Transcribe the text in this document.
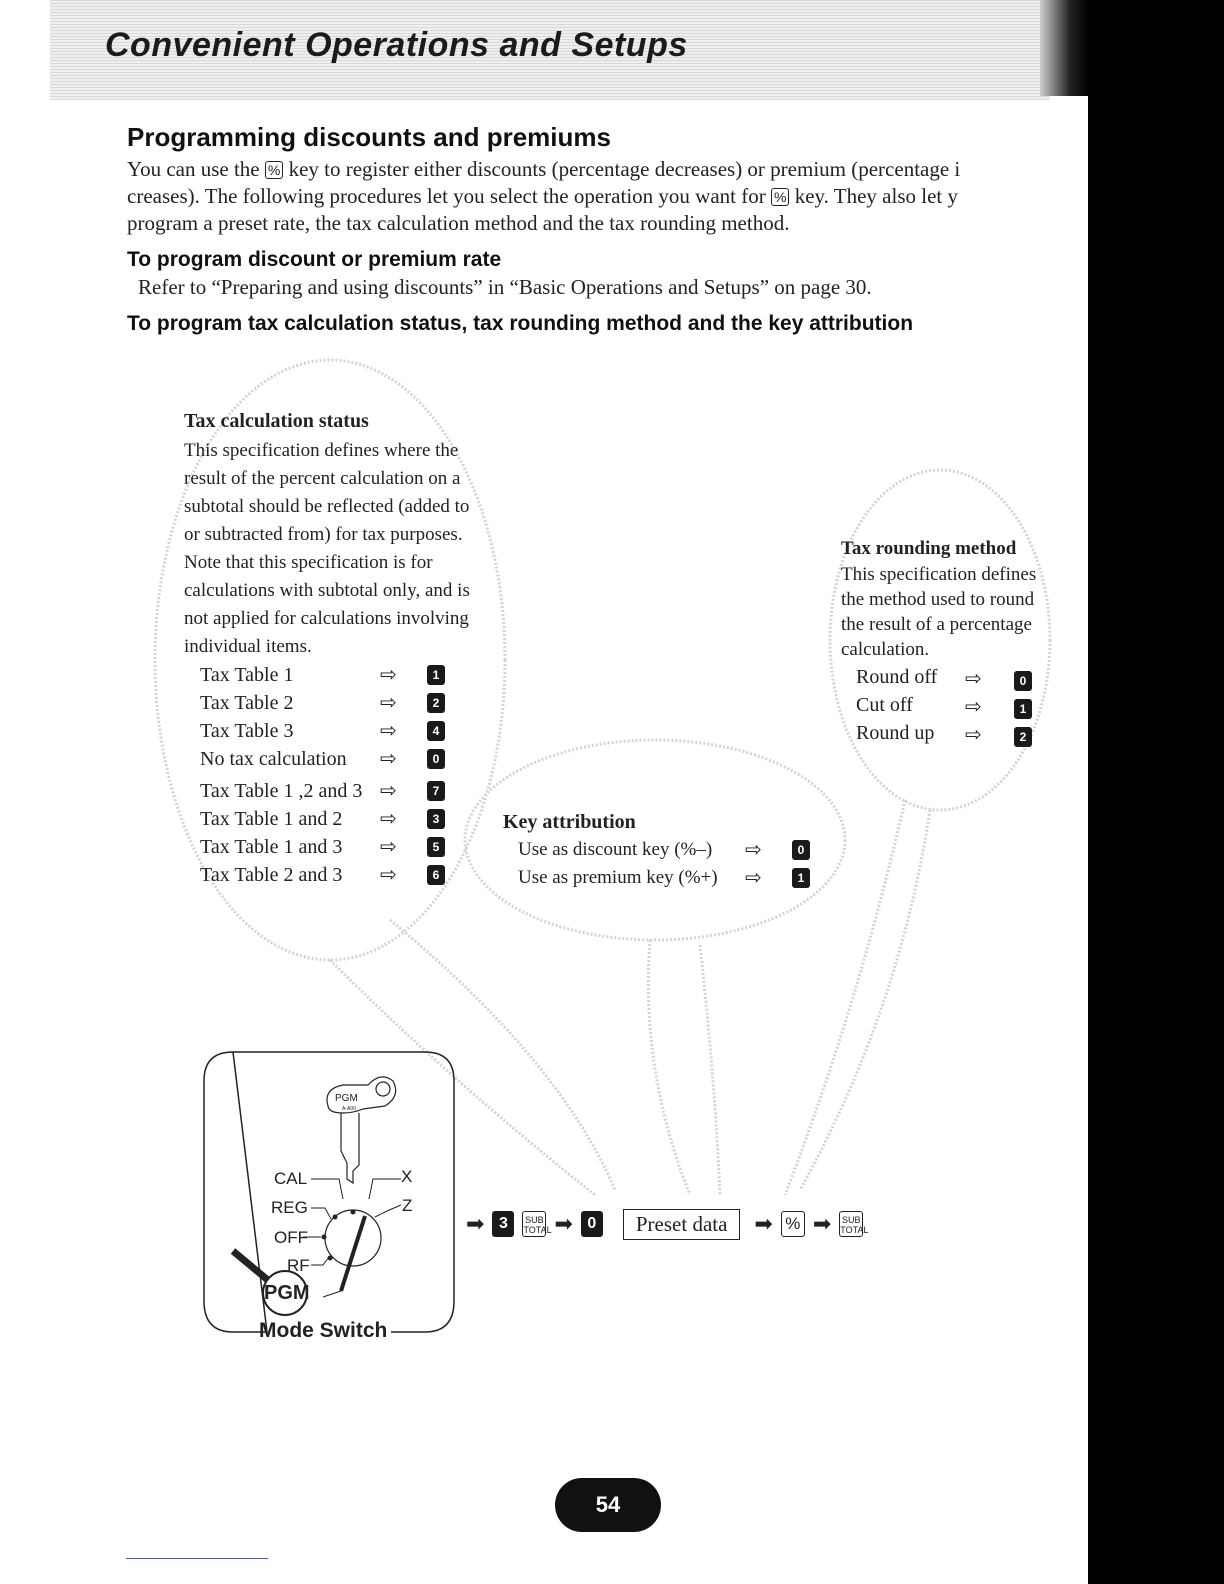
Convenient Operations and Setups
Programming discounts and premiums
You can use the % key to register either discounts (percentage decreases) or premium (percentage i
creases). The following procedures let you select the operation you want for % key. They also let y
program a preset rate, the tax calculation method and the tax rounding method.
To program discount or premium rate
Refer to “Preparing and using discounts” in “Basic Operations and Setups” on page 30.
To program tax calculation status, tax rounding method and the key attribution
Tax calculation status
This specification defines where the
result of the percent calculation on a
subtotal should be reflected (added to
or subtracted from) for tax purposes.
Note that this specification is for
calculations with subtotal only, and is
not applied for calculations involving
individual items.
Tax Table 1	⇨	1
Tax Table 2	⇨	2
Tax Table 3	⇨	4
No tax calculation ⇨	0
Tax Table 1 ,2 and 3 ⇨	7
Tax Table 1 and 2 ⇨	3
Tax Table 1 and 3 ⇨	5
Tax Table 2 and 3 ⇨	6
Tax rounding method
This specification defines
the method used to round
the result of a percentage
calculation.
Round off ⇨	0
Cut off	⇨	1
Round up ⇨	2
Key attribution
Use as discount key (%–) ⇨	0
Use as premium key (%+) ⇨	1
PGM
A-A00
CAL	X
REG	Z
OFF
RF
PGM
Mode Switch
➡ 3	SUB
TOTAL ➡ 0	Preset data	➡ % ➡	SUB
TOTAL
54
